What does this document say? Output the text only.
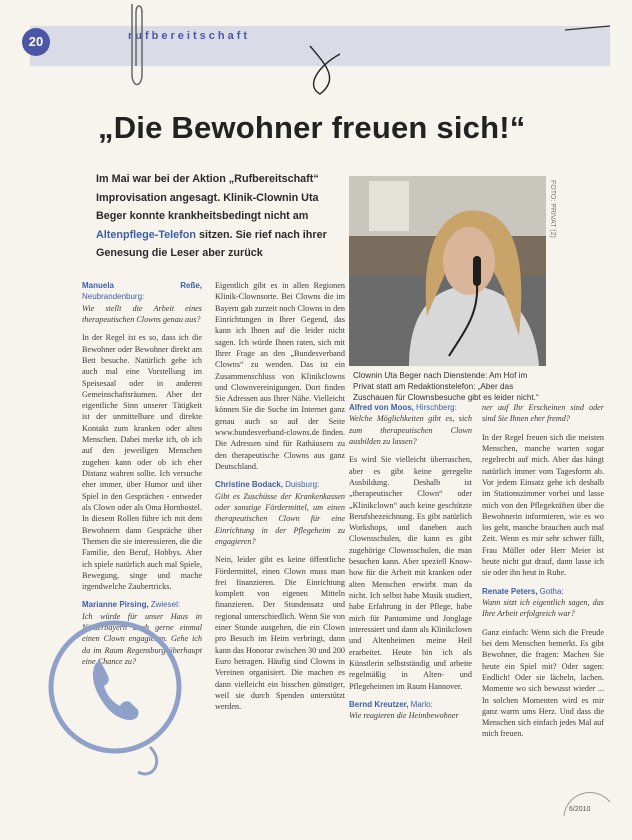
20	rufbereitschaft
„Die Bewohner freuen sich!“
Im Mai war bei der Aktion „Rufbereitschaft“ Improvisation angesagt. Klinik-Clownin Uta Beger konnte krankheitsbedingt nicht am Altenpflege-Telefon sitzen. Sie rief nach ihrer Genesung die Leser aber zurück
FOTO: PRIVAT (2)
Clownin Uta Beger nach Dienstende: Am Hof im Privat statt am Redaktionstelefon: „Aber das Zuschauen für Clownsbesuche gibt es leider nicht.“

Manuela Reße, Neubrandenburg:
Wie stellt die Arbeit eines therapeutischen Clowns genau aus?

In der Regel ist es so, dass ich die Bewohner oder Bewohner direkt am Bett besuche. Natürlich gehe ich auch mal eine Vorstellung im Speisesaal oder in anderen Gemeinschaftsräumen. Aber der eigentliche Sinn unserer Tätigkeit ist der unmittelbare und direkte Kontakt zum kranken oder alten Menschen. Dabei merke ich, ob ich auf den jeweiligen Menschen zugehen kann oder ob ich eher Distanz wahren sollte. Ich versuche eher immer, über Humor und über Spiel in den Gesprächen - entweder als Clown oder als Oma Hornbostel. In diesem Rollen führe ich mit dem Bewohnern dann Gespräche über Themen die sie interessieren, die die Familie, den Beruf, Hobbys. Aber ich spiele natürlich auch mal Spiele, Bewegung, singe und mache irgendwelche Zaubertricks.

Marianne Pirsing, Zwiesel:
Ich würde für unser Haus in Niederbayern auch gerne einmal einen Clown engagieren. Gehe ich da im Raum Regensburg überhaupt eine Chance zu?

Eigentlich gibt es in allen Regionen Klinik-Clownsorte. Bei Clowns die im Bayern gab zurzeit noch Clowns in den Einrichtungen in Ihrer Gegend, das kann ich Ihnen auf die leider nicht sagen. Ich würde Ihnen raten, sich mit Ihrer Frage an den „Bundesverband Clowns“ zu wenden. Das ist ein Zusammenschluss von Klinikclowns und Clownvereinigungen. Dort finden Sie Adressen aus Ihrer Nähe. Vielleicht können Sie die Suche im Internet ganz genau auch so auf der Seite www.bundesverband-clowns.de finden. Die Adressen sind für Rathäusern zu den therapeutische Clowns aus ganz Deutschland.

Christine Bodack, Duisburg:
Gibt es Zuschüsse der Krankenkassen oder sonstige Fördermittel, um einen therapeutischen Clown für eine Einrichtung in der Pflegeheim zu engagieren?

Nein, leider gibt es keine öffentliche Fördermittel, einen Clown muss man frei finanzieren. Die Einrichtung komplett von eigenen Mitteln finanzieren. Der Stundensatz und regional unterschiedlich. Wenn Sie von einer Stunde ausgehen, die ein Clown pro Besuch im Heim verbringt, dann kann das Honorar zwischen 30 und 200 Euro betragen. Häufig sind Clowns in Vereinen organisiert. Die machen es dann vielleicht ein bisschen günstiger, weil sie durch Spenden unterstützt werden.

Alfred von Moos, Hirschberg:
Welche Möglichkeiten gibt es, sich zum therapeutischen Clown ausbilden zu lassen?

Es wird Sie vielleicht überraschen, aber es gibt keine geregelte Ausbildung. Deshalb ist „therapeutischer Clown“ oder „Klinikclown“ auch keine geschützte Berufsbezeichnung. Es gibt natürlich Workshops, und daneben auch Clownsschulen, die kann es gibt zugehörige Clownsschulen, die man besuchen kann. Aber speziell Know-how für die Arbeit mit kranken oder alten Menschen erwirbt man da nicht. Ich selbst habe Musik studiert, habe Erfahrung in der Pflege, habe mich für Pantomime und Jonglage interessiert und dann als Klinikclown und Altenheimen meine Heil erarbeitet. Heute bin ich als Künstlerin selbstständig und arbeite regelmäßig in Alten- und Pflegeheimen im Raum Hannover.

Bernd Kreutzer, Marlo:
Wie reagieren die Heimbewohner

ner auf Ihr Erscheinen sind oder sind Sie Ihnen eher fremd?

In der Regel freuen sich die meisten Menschen, manche warten sogar regelrecht auf mich. Aber das hängt natürlich immer vom Tagesform ab. Vor jedem Einsatz gehe ich deshalb im Stationszimmer vorbei und lasse mich von den Pflegekräften über die Bewohnerin informieren, wie es wo los geht, manche brauchen auch mal Zeit. Wenn es mir sehr schwer fällt, Frau Müller oder Herr Meier ist heute nicht gut drauf, dann lasse ich sie oder ihn heut in Ruhe.

Renate Peters, Gotha:
Wann sitzt ich eigentlich sagen, das Ihre Arbeit erfolgreich war?

Ganz einfach: Wenn sich die Freude bei dem Menschen bemerkt. Es gibt Bewohner, die fragen: Machen Sie heute ein Spiel mit? Oder sagen: Endlich! Oder sie lächeln, lachen. Momente wo sich bewusst wieder ... In solchen Momenten wird es mir ganz warm ums Herz. Und dass die Menschen sich einfach jedes Mal auf mich freuen.

6/2010
